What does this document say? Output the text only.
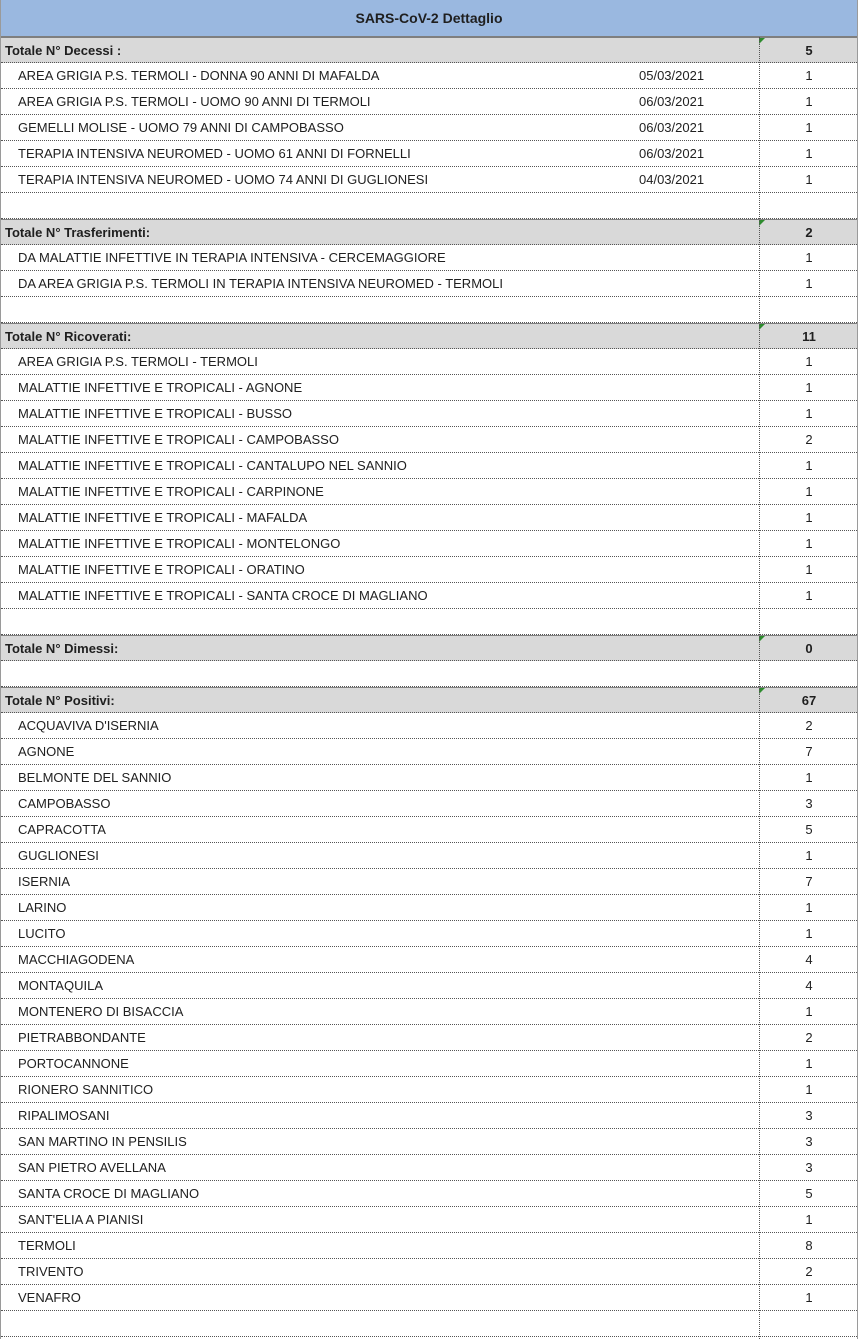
SARS-CoV-2 Dettaglio
Totale N° Decessi :	5
AREA GRIGIA P.S. TERMOLI - DONNA 90 ANNI DI MAFALDA	05/03/2021	1
AREA GRIGIA P.S. TERMOLI - UOMO 90 ANNI DI TERMOLI	06/03/2021	1
GEMELLI MOLISE - UOMO 79 ANNI DI CAMPOBASSO	06/03/2021	1
TERAPIA INTENSIVA NEUROMED - UOMO 61 ANNI DI FORNELLI	06/03/2021	1
TERAPIA INTENSIVA NEUROMED - UOMO 74 ANNI DI GUGLIONESI	04/03/2021	1
Totale N° Trasferimenti:	2
DA MALATTIE INFETTIVE IN TERAPIA INTENSIVA - CERCEMAGGIORE	1
DA AREA GRIGIA P.S. TERMOLI IN TERAPIA INTENSIVA NEUROMED - TERMOLI	1
Totale N° Ricoverati:	11
AREA GRIGIA P.S. TERMOLI - TERMOLI	1
MALATTIE INFETTIVE E TROPICALI - AGNONE	1
MALATTIE INFETTIVE E TROPICALI - BUSSO	1
MALATTIE INFETTIVE E TROPICALI - CAMPOBASSO	2
MALATTIE INFETTIVE E TROPICALI - CANTALUPO NEL SANNIO	1
MALATTIE INFETTIVE E TROPICALI - CARPINONE	1
MALATTIE INFETTIVE E TROPICALI - MAFALDA	1
MALATTIE INFETTIVE E TROPICALI - MONTELONGO	1
MALATTIE INFETTIVE E TROPICALI - ORATINO	1
MALATTIE INFETTIVE E TROPICALI - SANTA CROCE DI MAGLIANO	1
Totale N° Dimessi:	0
Totale N° Positivi:	67
ACQUAVIVA D'ISERNIA	2
AGNONE	7
BELMONTE DEL SANNIO	1
CAMPOBASSO	3
CAPRACOTTA	5
GUGLIONESI	1
ISERNIA	7
LARINO	1
LUCITO	1
MACCHIAGODENA	4
MONTAQUILA	4
MONTENERO DI BISACCIA	1
PIETRABBONDANTE	2
PORTOCANNONE	1
RIONERO SANNITICO	1
RIPALIMOSANI	3
SAN MARTINO IN PENSILIS	3
SAN PIETRO AVELLANA	3
SANTA CROCE DI MAGLIANO	5
SANT'ELIA A PIANISI	1
TERMOLI	8
TRIVENTO	2
VENAFRO	1
